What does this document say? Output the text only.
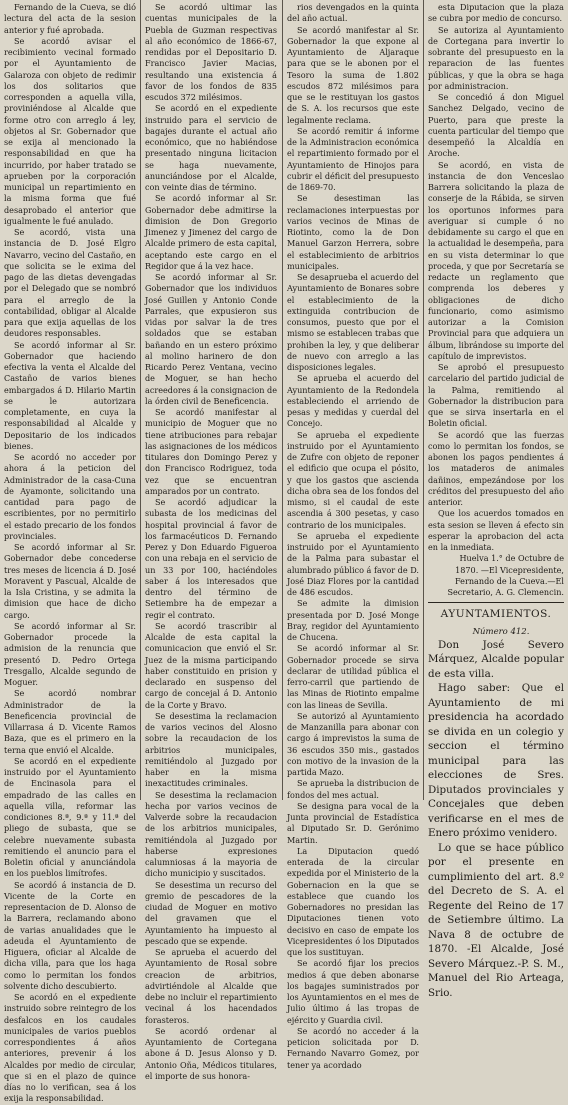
Fernando de la Cueva, se dió lectura del acta de la sesion anterior y fué aprobada.

Se acordó avisar el recibimiento vecinal formado por el Ayuntamiento de Galaroza con objeto de redimir los dos solitarios que corresponden a aquella villa, proviniéndose al Alcalde que forme otro con arreglo á ley, objetos al Sr. Gobernador que se exija al mencionado la responsabilidad en que ha incurrido, por haber tratado se aprueben por la corporación municipal un repartimiento en la misma forma que fué desaprobado el anterior que igualmente le fué anulado.

Se acordó, vista una instancia de D. José Elgro Navarro, vecino del Castaño, en que solicita se le exima del pago de las dietas devengadas por el Delegado que se nombró para el arreglo de la contabilidad, obligar al Alcalde para que exija aquellas de los deudores responsables.

Se acordó informar al Sr. Gobernador que haciendo efectiva la venta el Alcalde del Castaño de varios bienes embargados á D. Hilario Martin se le autorizara completamente, en cuya la responsabilidad al Alcalde y Depositario de los indicados bienes.

Se acordó no acceder por ahora á la peticion del Administrador de la casa-Cuna de Ayamonte, solicitando una cantidad para pago de escribientes, por no permitirlo el estado precario de los fondos provinciales.

Se acordó informar al Sr. Gobernador debe concederse tres meses de licencia á D. José Moravent y Pascual, Alcalde de la Isla Cristina, y se admita la dimision que hace de dicho cargo.

Se acordó informar al Sr. Gobernador procede la admision de la renuncia que presentó D. Pedro Ortega Tresgallo, Alcalde segundo de Moguer.

Se acordó nombrar Administrador de la Beneficencia provincial de Villarrasa á D. Vicente Ramos Baza, que es el primero en la terna que envió el Alcalde.

Se acordó en el expediente instruido por el Ayuntamiento de Encinasola para el empadrado de las calles en aquella villa, reformar las condiciones 8.ª, 9.ª y 11.ª del pliego de subasta, que se celebre nuevamente subasta remitiendo el anuncio para el Boletin oficial y anunciándola en los pueblos limítrofes.

Se acordó á instancia de D. Vicente de la Corte en representacion de D. Alonso de la Barrera, reclamando abono de varias anualidades que le adeuda el Ayuntamiento de Higuera, oficiar al Alcalde de dicha villa, para que los haga como lo permitan los fondos solvente dicho descubierto.

Se acordó en el expediente instruido sobre reintegro de los desfalcos en los caudales municipales de varios pueblos correspondientes á años anteriores, prevenir á los Alcaldes por medio de circular, que si en el plazo de quince días no lo verifican, sea á los exija la responsabilidad.

Se acordó ultimar las cuentas municipales de la Puebla de Guzman respectivas al año económico de 1866-67, rendidas por el Depositario D. Francisco Javier Macias, resultando una existencia á favor de los fondos de 835 escudos 372 milésimos.

Se acordó en el expediente instruido para el servicio de bagajes durante el actual año económico, que no habiéndose presentado ninguna licitacion se haga nuevamente, anunciándose por el Alcalde, con veinte dias de término.

Se acordó informar al Sr. Gobernador debe admitirse la dimision de Don Gregorio Jimenez y Jimenez del cargo de Alcalde primero de esta capital, aceptando este cargo en el Regidor que á la vez hace.

Se acordó informar al Sr. Gobernador que los individuos José Guillen y Antonio Conde Parrales, que expusieron sus vidas por salvar la de tres soldados que se estaban bañando en un estero próximo al molino harinero de don Ricardo Perez Ventana, vecino de Moguer, se han hecho acreedores á la consignacion de la órden civil de Beneficencia.

Se acordó manifestar al municipio de Moguer que no tiene atribuciones para rebajar las asignaciones de los médicos titulares don Domingo Perez y don Francisco Rodriguez, toda vez que se encuentran amparados por un contrato.

Se acordó adjudicar la subasta de los medicinas del hospital provincial á favor de los farmacéuticos D. Fernando Perez y Don Eduardo Figueroa con una rebaja en el servicio de un 33 por 100, haciéndoles saber á los interesados que dentro del término de Setiembre ha de empezar a regir el contrato.

Se acordó trascribir al Alcalde de esta capital la comunicacion que envió el Sr. Juez de la misma participando haber constituido en prision y declarado en suspenso del cargo de concejal á D. Antonio de la Corte y Bravo.

Se desestima la reclamacion de varios vecinos del Alosno sobre la recaudacion de los arbitrios municipales, remitiéndolo al Juzgado por haber en la misma inexactitudes criminales.

Se desestima la reclamacion hecha por varios vecinos de Valverde sobre la recaudacion de los arbitrios municipales, remitiéndola al Juzgado por haberse expresiones calumniosas á la mayoria de dicho municipio y suscitados.

Se desestima un recurso del gremio de pescadores de la ciudad de Moguer en motivo del gravamen que el Ayuntamiento ha impuesto al pescado que se expende.

Se aprueba el acuerdo del Ayuntamiento de Rosal sobre creacion de arbitrios, advirtiéndole al Alcalde que debe no incluir el repartimiento vecinal á los hacendados forasteros.

Se acordó ordenar al Ayuntamiento de Cortegana abone á D. Jesus Alonso y D. Antonio Oña, Médicos titulares, el importe de sus honora-

rios devengados en la quinta del año actual.

Se acordó manifestar al Sr. Gobernador la que expone al Ayuntamiento de Aljaraque para que se le abonen por el Tesoro la suma de 1.802 escudos 872 milésimos para que se le restituyan los gastos de S. A. los recursos que este legalmente reclama.

Se acordó remitir á informe de la Administracion económica el repartimiento formado por el Ayuntamiento de Hinojos para cubrir el déficit del presupuesto de 1869-70.

Se desestiman las reclamaciones interpuestas por varios vecinos de Minas de Riotinto, como la de Don Manuel Garzon Herrera, sobre el establecimiento de arbitrios municipales.

Se desaprueba el acuerdo del Ayuntamiento de Bonares sobre el establecimiento de la extinguida contribucion de consumos, puesto que por el mismo se establecen trabas que prohiben la ley, y que deliberar de nuevo con arreglo a las disposiciones legales.

Se aprueba el acuerdo del Ayuntamiento de la Redondela estableciendo el arriendo de pesas y medidas y cuerdal del Concejo.

Se aprueba el expediente instruido por el Ayuntamiento de Zufre con objeto de reponer el edificio que ocupa el pósito, y que los gastos que ascienda dicha obra sea de los fondos del mismo, si el caudal de este ascendia á 300 pesetas, y caso contrario de los municipales.

Se aprueba el expediente instruido por el Ayuntamiento de la Palma para subastar el alumbrado público á favor de D. José Diaz Flores por la cantidad de 486 escudos.

Se admite la dimision presentada por D. José Monge Bray, regidor del Ayuntamiento de Chucena.

Se acordó informar al Sr. Gobernador procede se sirva declarar de utilidad pública el ferro-carril que partiendo de las Minas de Riotinto empalme con las lineas de Sevilla.

Se autorizó al Ayuntamiento de Manzanilla para abonar con cargo á imprevistos la suma de 36 escudos 350 mis., gastados con motivo de la invasion de la partida Mazo.

Se aprueba la distribucion de fondos del mes actual.

Se designa para vocal de la Junta provincial de Estadística al Diputado Sr. D. Gerónimo Martin.

La Diputacion quedó enterada de la circular expedida por el Ministerio de la Gobernacion en la que se establece que cuando los Gobernadores no presidan las Diputaciones tienen voto decisivo en caso de empate los Vicepresidentes ó los Diputados que los sustituyan.

Se acordó fijar los precios medios á que deben abonarse los bagajes suministrados por los Ayuntamientos en el mes de Julio último á las tropas de ejército y Guardia civil.

Se acordó no acceder á la peticion solicitada por D. Fernando Navarro Gomez, por tener ya acordado

esta Diputacion que la plaza se cubra por medio de concurso.

Se autoriza al Ayuntamiento de Cortegana para invertir lo sobrante del presupuesto en la reparacion de las fuentes públicas, y que la obra se haga por administracion.

Se concedió á don Miguel Sanchez Delgado, vecino de Puerto, para que preste la cuenta particular del tiempo que desempeñó la Alcaldía en Aroche.

Se acordó, en vista de instancia de don Venceslao Barrera solicitando la plaza de conserje de la Rábida, se sirven los oportunos informes para averiguar si cumple ó no debidamente su cargo el que en la actualidad le desempeña, para en su vista determinar lo que proceda, y que por Secretaría se redacte un reglamento que comprenda los deberes y obligaciones de dicho funcionario, como asimismo autorizar a la Comision Provincial para que adquiera un álbum, librándose su importe del capítulo de imprevistos.

Se aprobó el presupuesto carcelario del partido judicial de la Palma, remitiendo al Gobernador la distribucion para que se sirva insertarla en el Boletin oficial.

Se acordó que las fuerzas como lo permitan los fondos, se abonen los pagos pendientes á los mataderos de animales dañinos, empezándose por los créditos del presupuesto del año anterior.

Que los acuerdos tomados en esta sesion se lleven á efecto sin esperar la aprobacion del acta en la inmediata.

Huelva 1.° de Octubre de 1870. —El Vicepresidente, Fernando de la Cueva.—El Secretario, A. G. Clemencin.

AYUNTAMIENTOS.

Número 412.

Don José Severo Márquez, Alcalde popular de esta villa.

Hago saber: Que el Ayuntamiento de mi presidencia ha acordado se divida en un colegio y seccion el término municipal para las elecciones de Sres. Diputados provinciales y Concejales que deben verificarse en el mes de Enero próximo venidero.

Lo que se hace público por el presente en cumplimiento del art. 8.º del Decreto de S. A. el Regente del Reino de 17 de Setiembre último. La Nava 8 de octubre de 1870. -El Alcalde, José Severo Márquez.-P. S. M., Manuel del Rio Arteaga, Srio.
